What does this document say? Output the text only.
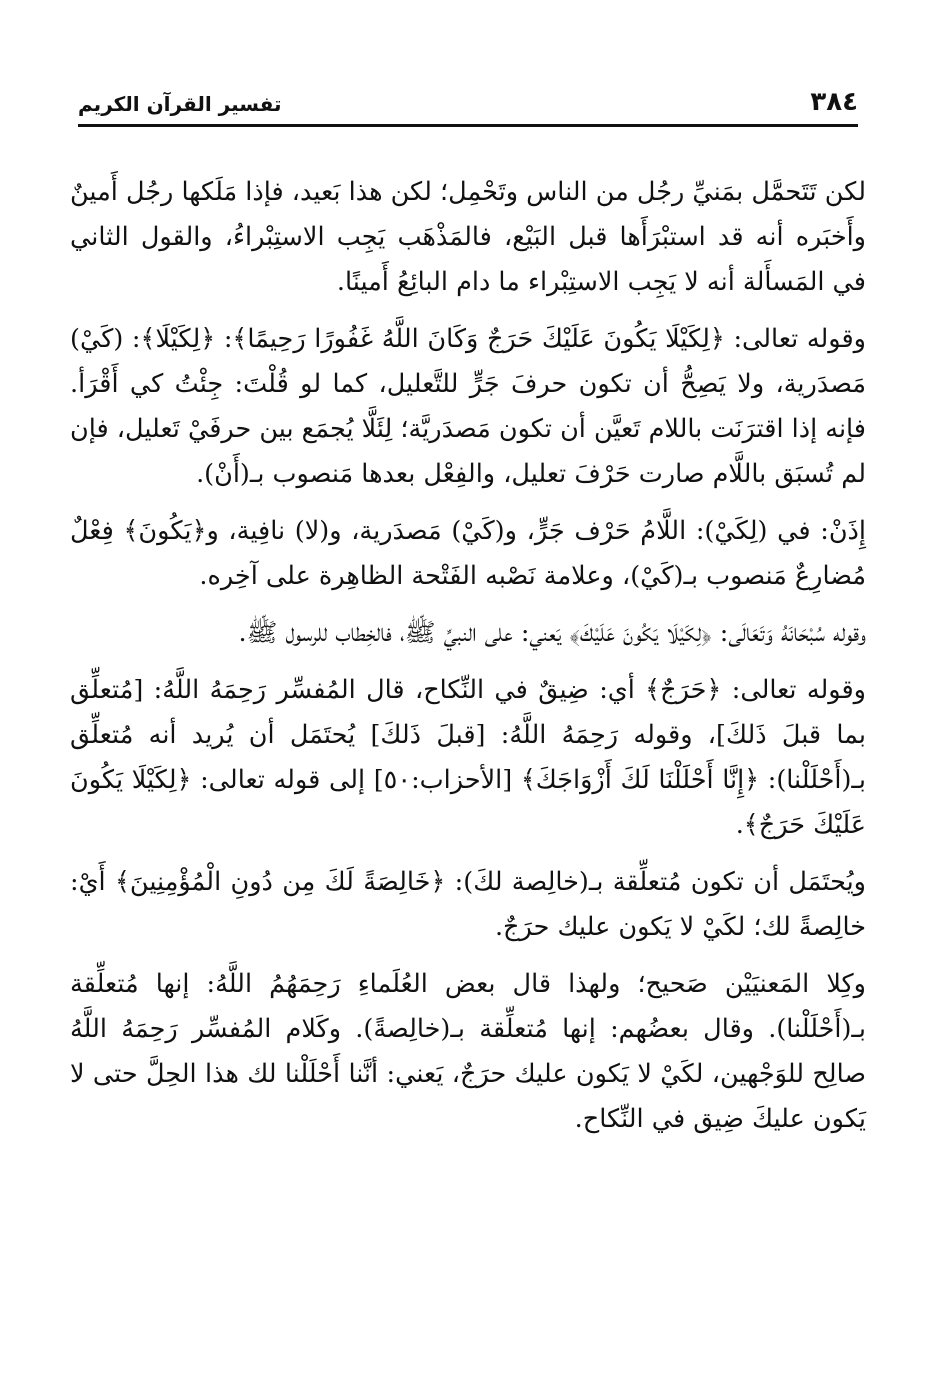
٣٨٤
تفسير القرآن الكريم

لكن تَتَحمَّل بمَنيِّ رجُل من الناس وتَحْمِل؛ لكن هذا بَعيد، فإذا مَلَكها رجُل أَمينٌ وأَخبَره أنه قد استبْرَأَها قبل البَيْع، فالمَذْهَب يَجِب الاستِبْراءُ، والقول الثاني في المَسأَلة أنه لا يَجِب الاستِبْراء ما دام البائِعُ أَمينًا.

وقوله تعالى: ﴿لِكَيْلَا يَكُونَ عَلَيْكَ حَرَجٌ وَكَانَ اللَّهُ غَفُورًا رَحِيمًا﴾: ﴿لِكَيْلَا﴾: (كَيْ) مَصدَرية، ولا يَصِحُّ أن تكون حرفَ جَرٍّ للتَّعليل، كما لو قُلْتَ: جِئْتُ كي أَقْرَأ. فإنه إذا اقترَنَت باللام تَعيَّن أن تكون مَصدَريَّة؛ لِئَلَّا يُجمَع بين حرفَيْ تَعليل، فإن لم تُسبَق باللَّام صارت حَرْفَ تعليل، والفِعْل بعدها مَنصوب بـ(أَنْ).

إِذَنْ: في (لِكَيْ): اللَّامُ حَرْف جَرٍّ، و(كَيْ) مَصدَرية، و(لا) نافِية، و﴿يَكُونَ﴾ فِعْلٌ مُضارِعٌ مَنصوب بـ(كَيْ)، وعلامة نَصْبه الفَتْحة الظاهِرة على آخِره.

وقوله سُبْحَانَهُ وَتَعَالَى: ﴿لِكَيْلَا يَكُونَ عَلَيْكَ﴾ يَعني: على النبيِّ ﷺ، فالخِطاب للرسول ﷺ.

وقوله تعالى: ﴿حَرَجٌ﴾ أي: ضِيقٌ في النِّكاح، قال المُفسِّر رَحِمَهُ اللَّهُ: [مُتعلِّق بما قبلَ ذَلكَ]، وقوله رَحِمَهُ اللَّهُ: [قبلَ ذَلكَ] يُحتَمَل أن يُريد أنه مُتعلِّق بـ(أَحْلَلْنا): ﴿إِنَّا أَحْلَلْنَا لَكَ أَزْوَاجَكَ﴾ [الأحزاب:٥٠] إلى قوله تعالى: ﴿لِكَيْلَا يَكُونَ عَلَيْكَ حَرَجٌ﴾.

ويُحتَمَل أن تكون مُتعلِّقة بـ(خالِصة لكَ): ﴿خَالِصَةً لَكَ مِن دُونِ الْمُؤْمِنِينَ﴾ أَيْ: خالِصةً لك؛ لكَيْ لا يَكون عليك حرَجٌ.

وكِلا المَعنيَيْن صَحيح؛ ولهذا قال بعض العُلَماءِ رَحِمَهُمُ اللَّهُ: إنها مُتعلِّقة بـ(أَحْلَلْنا). وقال بعضُهم: إنها مُتعلِّقة بـ(خالِصةً). وكَلام المُفسِّر رَحِمَهُ اللَّهُ صالِح للوَجْهين، لكَيْ لا يَكون عليك حرَجٌ، يَعني: أنَّنا أَحْلَلْنا لك هذا الحِلَّ حتى لا يَكون عليكَ ضِيق في النِّكاح.
